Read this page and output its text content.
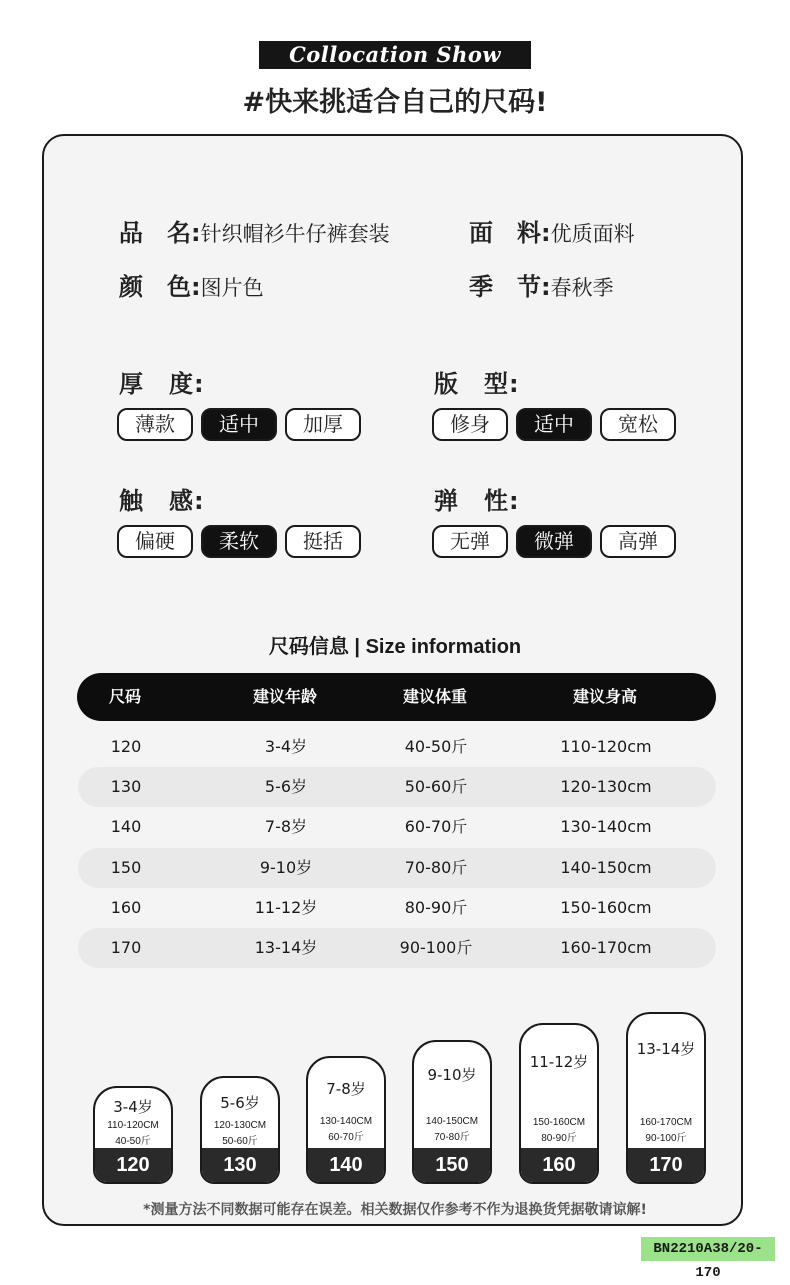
Collocation Show
#快来挑适合自己的尺码!
品　名:针织帽衫牛仔裤套装	面　料:优质面料
颜　色:图片色	季　节:春秋季
厚　度:
薄款	适中	加厚
版　型:
修身	适中	宽松
触　感:
偏硬	柔软	挺括
弹　性:
无弹	微弹	高弹
尺码信息 | Size information
尺码	建议年龄	建议体重	建议身高
120	3-4岁	40-50斤	110-120cm
130	5-6岁	50-60斤	120-130cm
140	7-8岁	60-70斤	130-140cm
150	9-10岁	70-80斤	140-150cm
160	11-12岁	80-90斤	150-160cm
170	13-14岁	90-100斤	160-170cm
3-4岁
110-120CM
40-50斤
120
5-6岁
120-130CM
50-60斤
130
7-8岁
130-140CM
60-70斤
140
9-10岁
140-150CM
70-80斤
150
11-12岁
150-160CM
80-90斤
160
13-14岁
160-170CM
90-100斤
170
*测量方法不同数据可能存在误差。相关数据仅作参考不作为退换货凭据敬请谅解!
BN2210A38/20-170
